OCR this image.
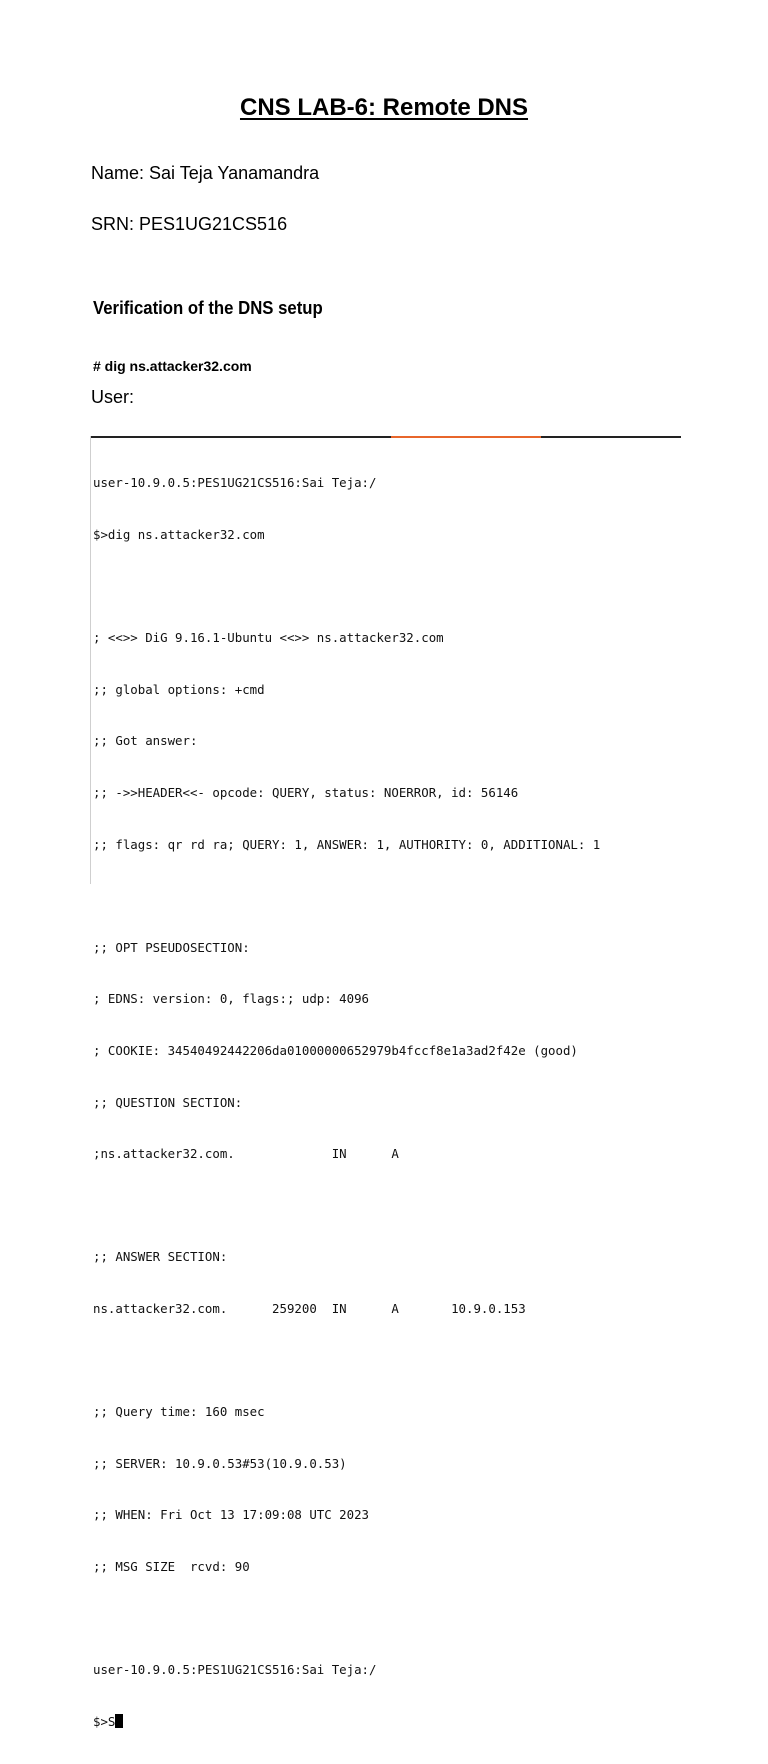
CNS LAB-6: Remote DNS
Name: Sai Teja Yanamandra
SRN: PES1UG21CS516
Verification of the DNS setup
# dig ns.attacker32.com
User:

user-10.9.0.5:PES1UG21CS516:Sai Teja:/

$>dig ns.attacker32.com

; <<>> DiG 9.16.1-Ubuntu <<>> ns.attacker32.com

;; global options: +cmd

;; Got answer:

;; ->>HEADER<<- opcode: QUERY, status: NOERROR, id: 56146

;; flags: qr rd ra; QUERY: 1, ANSWER: 1, AUTHORITY: 0, ADDITIONAL: 1

;; OPT PSEUDOSECTION:

; EDNS: version: 0, flags:; udp: 4096

; COOKIE: 34540492442206da01000000652979b4fccf8e1a3ad2f42e (good)

;; QUESTION SECTION:

;ns.attacker32.com.             IN      A

;; ANSWER SECTION:

ns.attacker32.com.      259200  IN      A       10.9.0.153

;; Query time: 160 msec

;; SERVER: 10.9.0.53#53(10.9.0.53)

;; WHEN: Fri Oct 13 17:09:08 UTC 2023

;; MSG SIZE  rcvd: 90

user-10.9.0.5:PES1UG21CS516:Sai Teja:/

$>S
